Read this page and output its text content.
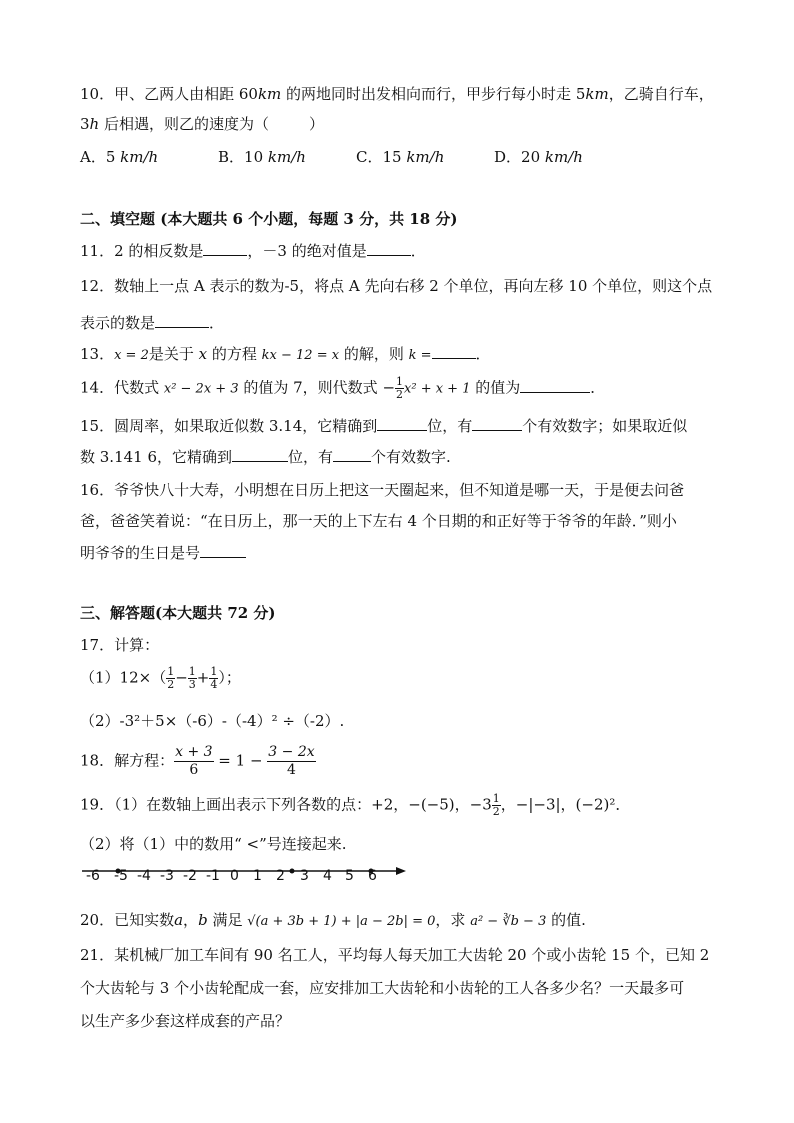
10．甲、乙两人由相距 60km 的两地同时出发相向而行，甲步行每小时走 5km，乙骑自行车，
3h 后相遇，则乙的速度为（	）
A．5 km/h	B．10 km/h	C．15 km/h	D．20 km/h
二、填空题 (本大题共 6 个小题，每题 3 分，共 18 分)
11．2 的相反数是	，－3 的绝对值是	．
12．数轴上一点 A 表示的数为-5，将点 A 先向右移 2 个单位，再向左移 10 个单位，则这个点
表示的数是	．
13．x = 2是关于 x 的方程 kx − 12 = x 的解，则 k =	．
14．代数式 x² − 2x + 3 的值为 7，则代数式 − $\frac{1}{2} x^2 + x + 1$ 的值为	．
15．圆周率，如果取近似数 3.14，它精确到	位，有	个有效数字；如果取近似
数 3.141 6，它精确到	位，有	个有效数字.
16．爷爷快八十大寿，小明想在日历上把这一天圈起来，但不知道是哪一天，于是便去问爸
爸，爸爸笑着说：“在日历上，那一天的上下左右 4 个日期的和正好等于爷爷的年龄．”则小
明爷爷的生日是号
三、解答题(本大题共 72 分)
17．计算：
$(1)12\times( \frac{1}{2} - \frac{1}{3} + \frac{1}{4}$ ）；
（2）-3²＋5×（-6）-（-4）² ÷（-2）.
18．解方程： $\frac{x + 3}{6} = 1 - \frac{3 - 2x}{4}$
19．（1）在数轴上画出表示下列各数的点：+2，−(−5)，$-3 \frac{1}{2}$ ，−|−3|，(−2)²．
（2）将（1）中的数用“ <”号连接起来.
-6 -5 -4 -3 -2 -1 0 1 2 3 4 5 6
20．已知实数a，b 满足 √(a + 3b + 1) + |a − 2b| = 0，求 a² − ∛b − 3 的值.
21．某机械厂加工车间有 90 名工人，平均每人每天加工大齿轮 20 个或小齿轮 15 个，已知 2
个大齿轮与 3 个小齿轮配成一套，应安排加工大齿轮和小齿轮的工人各多少名？一天最多可
以生产多少套这样成套的产品？
